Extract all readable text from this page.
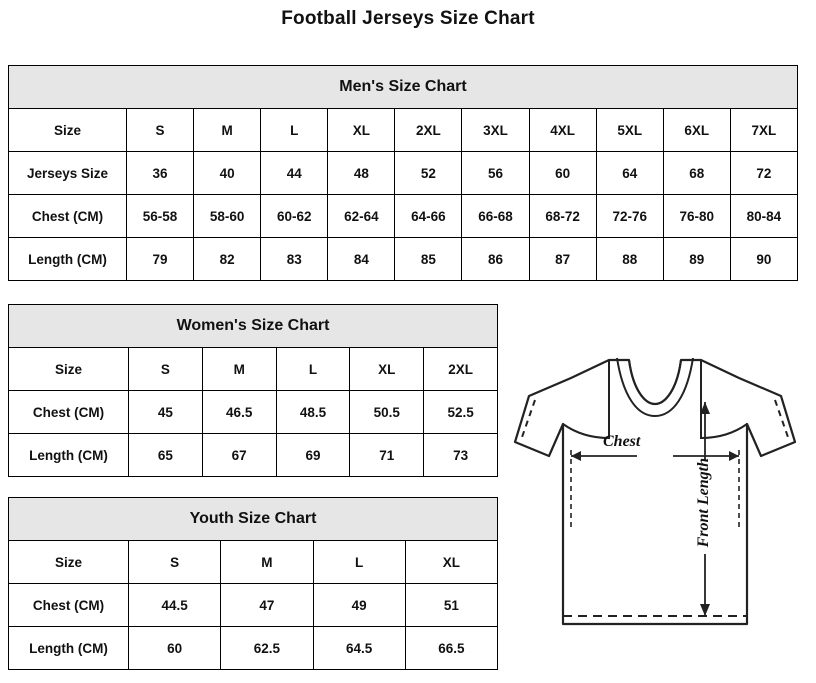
Football Jerseys Size Chart
Men's Size Chart										
Size	S	M	L	XL	2XL	3XL	4XL	5XL	6XL	7XL
Jerseys Size	36	40	44	48	52	56	60	64	68	72
Chest (CM)	56-58	58-60	60-62	62-64	64-66	66-68	68-72	72-76	76-80	80-84
Length (CM)	79	82	83	84	85	86	87	88	89	90
Women's Size Chart					
Size	S	M	L	XL	2XL
Chest (CM)	45	46.5	48.5	50.5	52.5
Length (CM)	65	67	69	71	73
Youth Size Chart				
Size	S	M	L	XL
Chest (CM)	44.5	47	49	51
Length (CM)	60	62.5	64.5	66.5
Chest
Front Length
